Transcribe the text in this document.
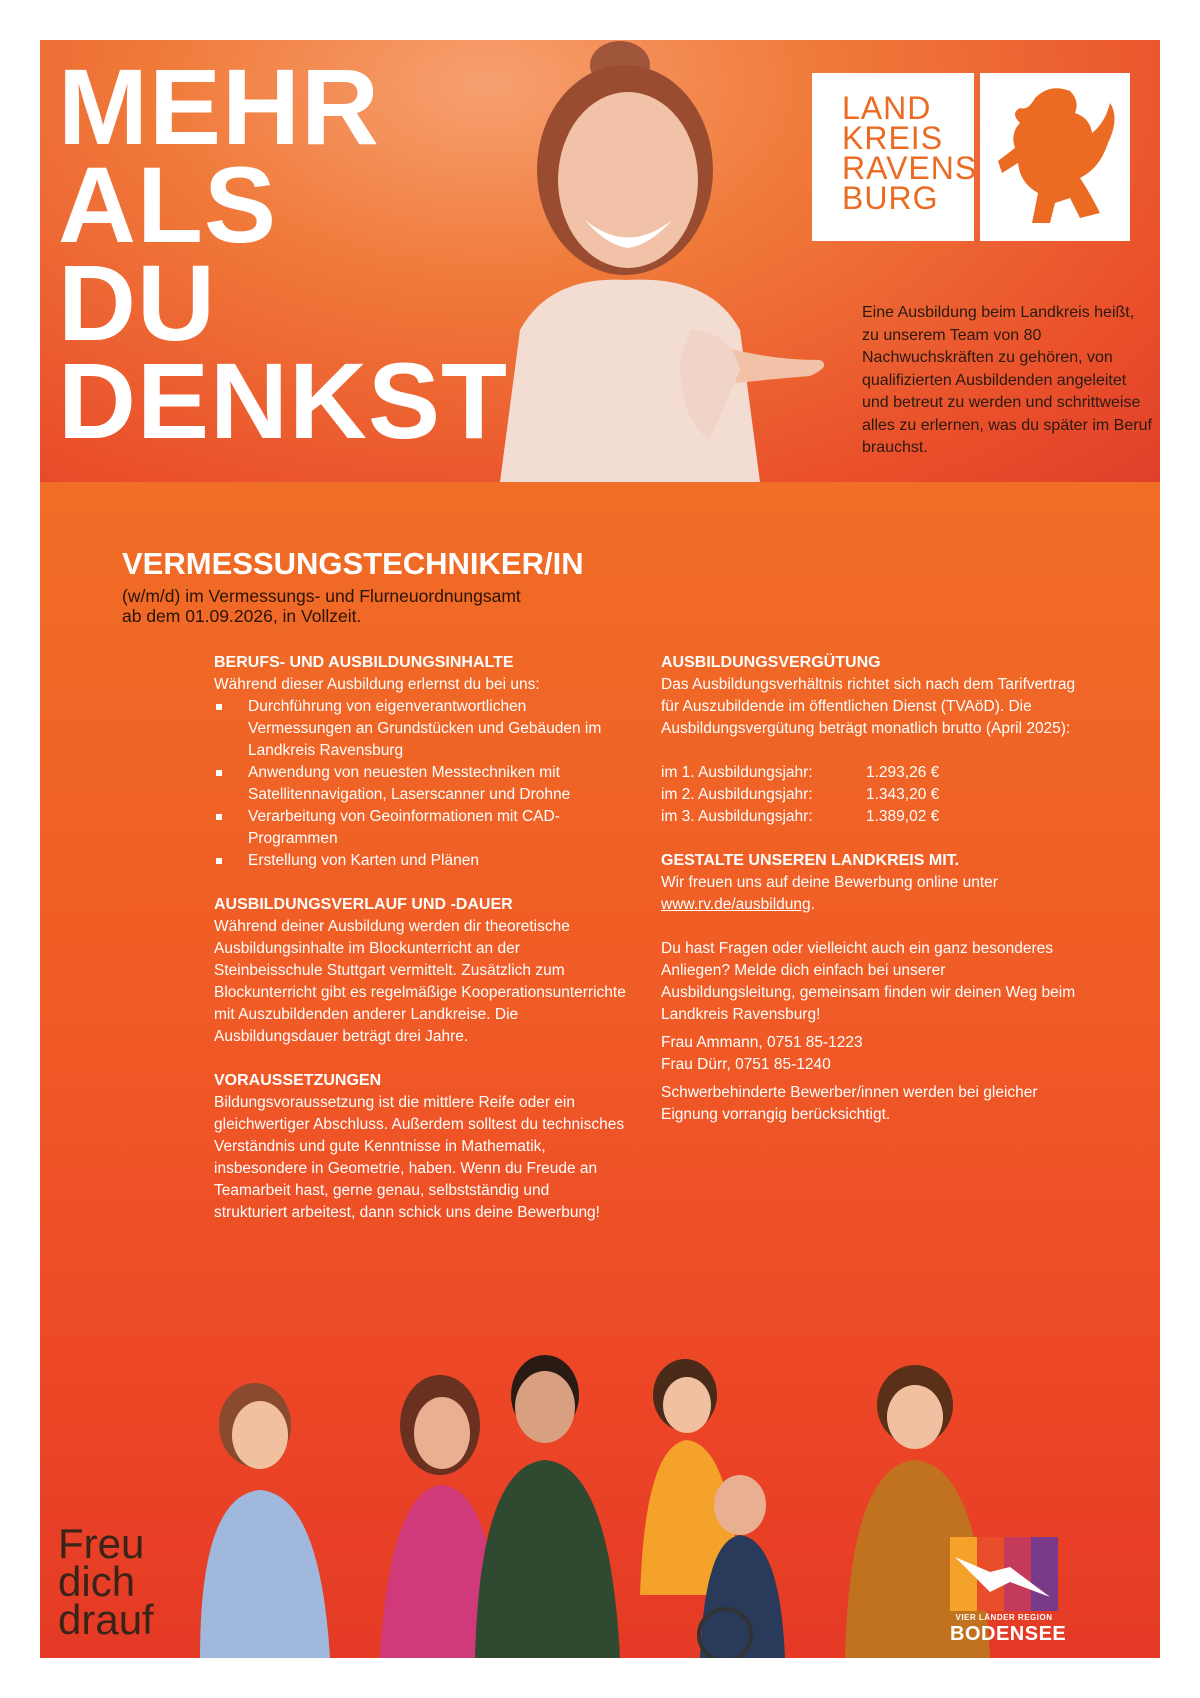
MEHR
ALS
DU
DENKST
LAND
KREIS
RAVENS
BURG
Eine Ausbildung beim Landkreis heißt, zu unserem Team von 80 Nachwuchskräften zu gehören, von qualifizierten Ausbildenden angeleitet und betreut zu werden und schrittweise alles zu erlernen, was du später im Beruf brauchst.
VERMESSUNGSTECHNIKER/IN
(w/m/d) im Vermessungs- und Flurneuordnungsamt
ab dem 01.09.2026, in Vollzeit.
BERUFS- UND AUSBILDUNGSINHALTE
Während dieser Ausbildung erlernst du bei uns:
Durchführung von eigenverantwortlichen Vermessungen an Grundstücken und Gebäuden im Landkreis Ravensburg
Anwendung von neuesten Messtechniken mit Satellitennavigation, Laserscanner und Drohne
Verarbeitung von Geoinformationen mit CAD-Programmen
Erstellung von Karten und Plänen
AUSBILDUNGSVERLAUF UND -DAUER
Während deiner Ausbildung werden dir theoretische Ausbildungsinhalte im Blockunterricht an der Steinbeisschule Stuttgart vermittelt. Zusätzlich zum Blockunterricht gibt es regelmäßige Kooperationsunterrichte mit Auszubildenden anderer Landkreise. Die Ausbildungsdauer beträgt drei Jahre.
VORAUSSETZUNGEN
Bildungsvoraussetzung ist die mittlere Reife oder ein gleichwertiger Abschluss. Außerdem solltest du technisches Verständnis und gute Kenntnisse in Mathematik, insbesondere in Geometrie, haben. Wenn du Freude an Teamarbeit hast, gerne genau, selbstständig und strukturiert arbeitest, dann schick uns deine Bewerbung!
AUSBILDUNGSVERGÜTUNG
Das Ausbildungsverhältnis richtet sich nach dem Tarifvertrag für Auszubildende im öffentlichen Dienst (TVAöD). Die Ausbildungsvergütung beträgt monatlich brutto (April 2025):
im 1. Ausbildungsjahr:	1.293,26 €
im 2. Ausbildungsjahr:	1.343,20 €
im 3. Ausbildungsjahr:	1.389,02 €
GESTALTE UNSEREN LANDKREIS MIT.
Wir freuen uns auf deine Bewerbung online unter
www.rv.de/ausbildung.
Du hast Fragen oder vielleicht auch ein ganz besonderes Anliegen? Melde dich einfach bei unserer Ausbildungsleitung, gemeinsam finden wir deinen Weg beim Landkreis Ravensburg!
Frau Ammann, 0751 85-1223
Frau Dürr, 0751 85-1240
Schwerbehinderte Bewerber/innen werden bei gleicher Eignung vorrangig berücksichtigt.
Freu
dich
drauf	VIER LÄNDER REGION
BODENSEE
